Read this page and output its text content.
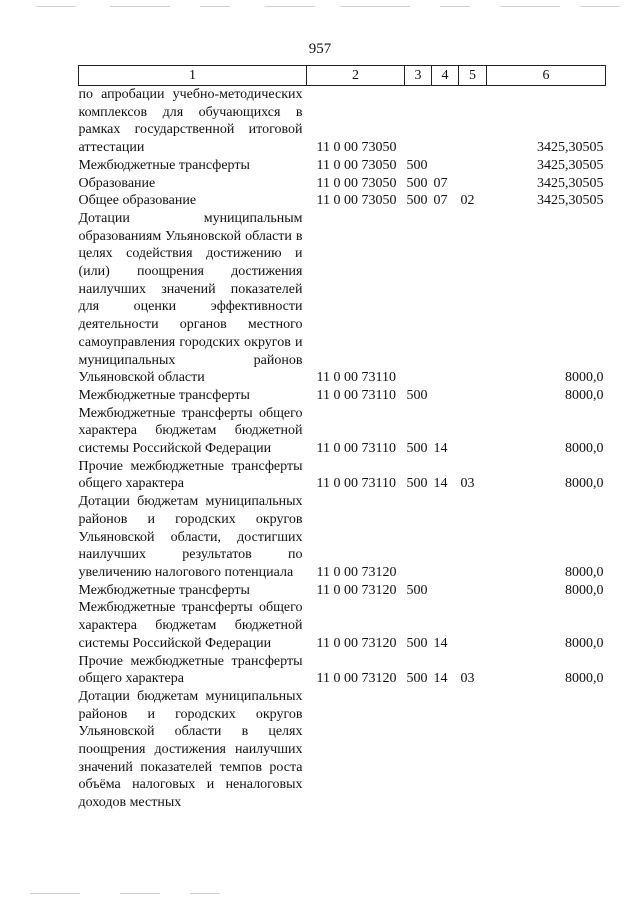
957
1	2	3	4	5	6
по апробации учебно-методических комплексов для обучающихся в рамках государственной итоговой аттестации	11 0 00 73050				3425,30505
Межбюджетные трансферты	11 0 00 73050	500			3425,30505
Образование	11 0 00 73050	500	07		3425,30505
Общее образование	11 0 00 73050	500	07	02	3425,30505
Дотации муниципальным образованиям Ульяновской области в целях содействия достижению и (или) поощрения достижения наилучших значений показателей для оценки эффективности деятельности органов местного самоуправления городских округов и муниципальных районов Ульяновской области	11 0 00 73110				8000,0
Межбюджетные трансферты	11 0 00 73110	500			8000,0
Межбюджетные трансферты общего характера бюджетам бюджетной системы Российской Федерации	11 0 00 73110	500	14		8000,0
Прочие межбюджетные трансферты общего характера	11 0 00 73110	500	14	03	8000,0
Дотации бюджетам муниципальных районов и городских округов Ульяновской области, достигших наилучших результатов по увеличению налогового потенциала	11 0 00 73120				8000,0
Межбюджетные трансферты	11 0 00 73120	500			8000,0
Межбюджетные трансферты общего характера бюджетам бюджетной системы Российской Федерации	11 0 00 73120	500	14		8000,0
Прочие межбюджетные трансферты общего характера	11 0 00 73120	500	14	03	8000,0
Дотации бюджетам муниципальных районов и городских округов Ульяновской области в целях поощрения достижения наилучших значений показателей темпов роста объёма налоговых и неналоговых доходов местных					
